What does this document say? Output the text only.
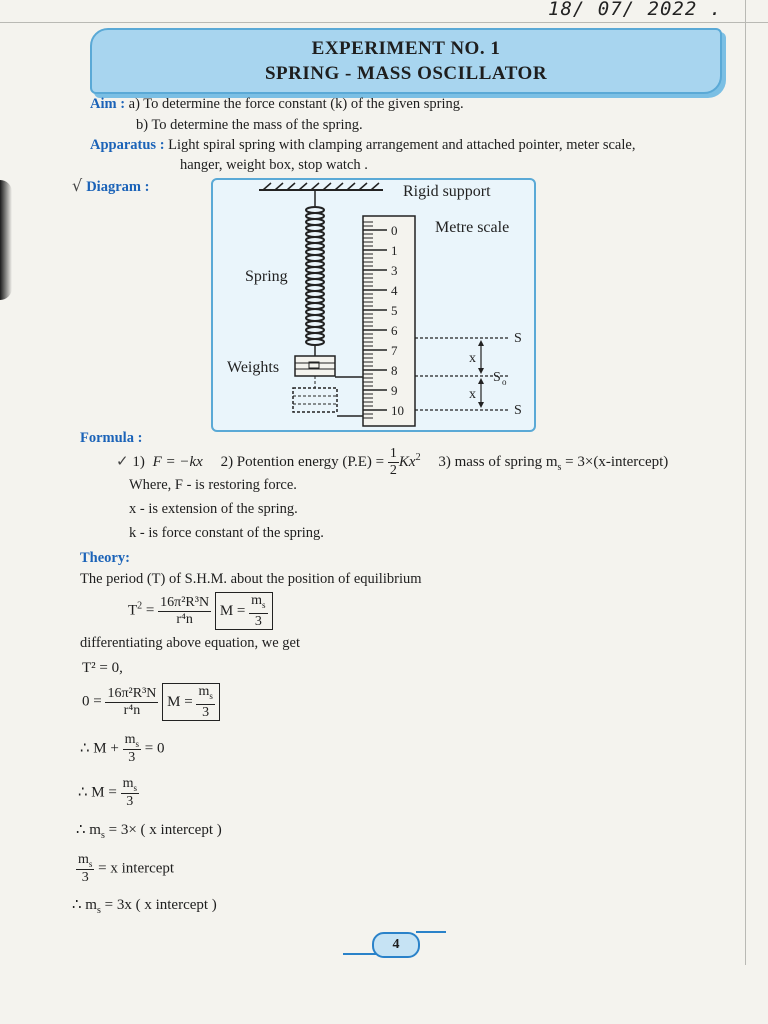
18/ 07/ 2022 .
EXPERIMENT NO. 1
SPRING - MASS OSCILLATOR
Aim : a) To determine the force constant (k) of the given spring.
b) To determine the mass of the spring.
Apparatus : Light spiral spring with clamping arrangement and attached pointer, meter scale,
hanger, weight box, stop watch .
√ Diagram :
0
1
3
4
5
6
7
8
9
10
Spring
Weights
Rigid support
Metre scale
x
x
S
S
S o
Formula :
✓ 1) F = −kx 2) Potention energy $(P.E) = \frac{1}{2} Kx^2$ 3) mass of spring $m_s$ = 3×(x-intercept)
Where, F - is restoring force.
x - is extension of the spring.
k - is force constant of the spring.
Theory:
The period (T) of S.H.M. about the position of equilibrium
$T^2 = \frac{\text{16π²R³N}}{\text{r⁴n}}$ $M = \frac{m_s}{3}$
differentiating above equation, we get
T² = 0,
$0 = \frac{\text{16π²R³N}}{\text{r⁴n}}$ $M = \frac{m_s}{3}$
∴ $M + \frac{m_s}{3} = 0$
∴ $M = \frac{m_s}{3}$
∴ $m_s = 3\times$ ( x intercept )
$\frac{m_s}{3} = x$ intercept
∴ $m_s = 3x$ ( x intercept )
4
